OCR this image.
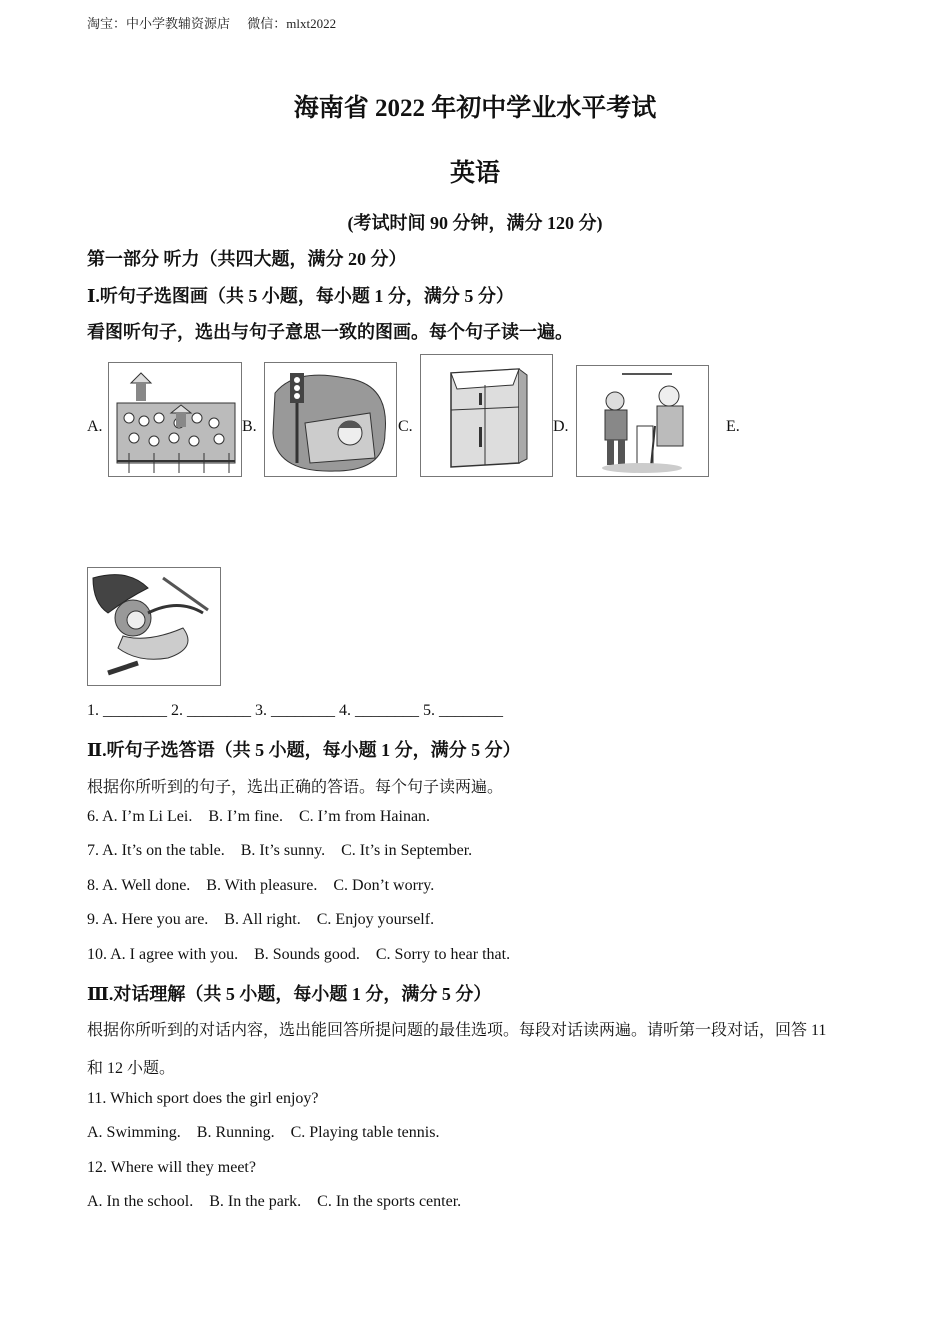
淘宝：中小学教辅资源店 微信：mlxt2022
海南省 2022 年初中学业水平考试
英语
(考试时间 90 分钟，满分 120 分)
第一部分 听力（共四大题，满分 20 分）
Ⅰ.听句子选图画（共 5 小题，每小题 1 分，满分 5 分）
看图听句子，选出与句子意思一致的图画。每个句子读一遍。
A.	B.	C.	D.	E.
1. ________ 2. ________ 3. ________ 4. ________ 5. ________
Ⅱ.听句子选答语（共 5 小题，每小题 1 分，满分 5 分）
根据你所听到的句子，选出正确的答语。每个句子读两遍。
6. A. I’m Li Lei.    B. I’m fine.    C. I’m from Hainan.
7. A. It’s on the table.    B. It’s sunny.    C. It’s in September.
8. A. Well done.    B. With pleasure.    C. Don’t worry.
9. A. Here you are.    B. All right.    C. Enjoy yourself.
10. A. I agree with you.    B. Sounds good.    C. Sorry to hear that.
Ⅲ.对话理解（共 5 小题，每小题 1 分，满分 5 分）
根据你所听到的对话内容，选出能回答所提问题的最佳选项。每段对话读两遍。请听第一段对话，回答 11
和 12 小题。
11. Which sport does the girl enjoy?
A. Swimming.    B. Running.    C. Playing table tennis.
12. Where will they meet?
A. In the school.    B. In the park.    C. In the sports center.
